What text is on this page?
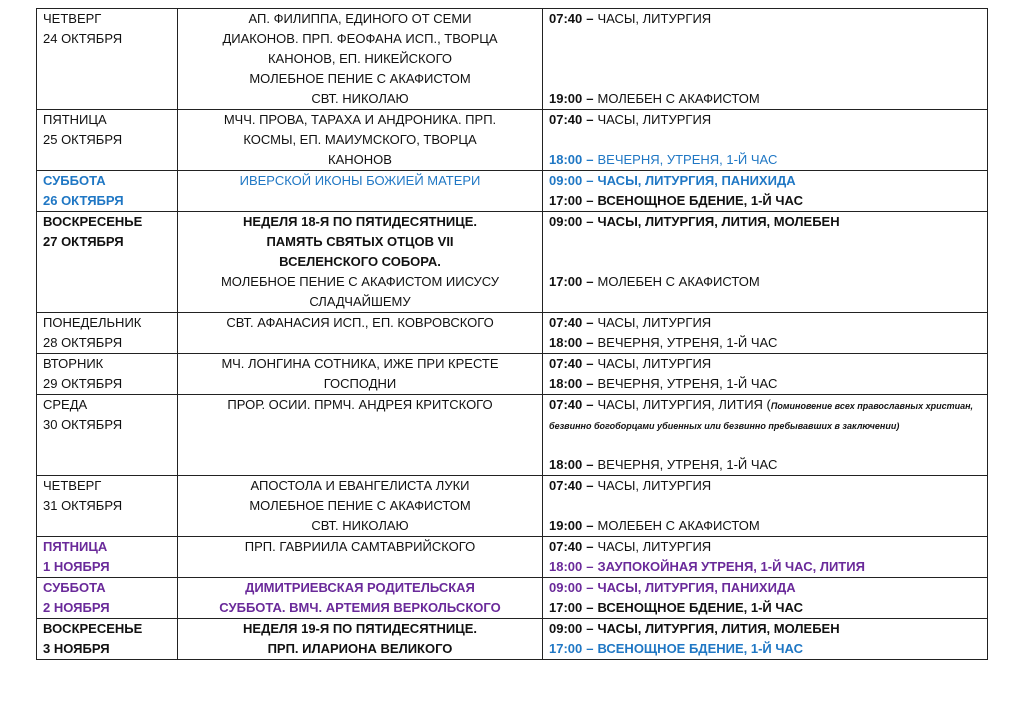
ЧЕТВЕРГ
24 ОКТЯБРЯ	АП. ФИЛИППА, ЕДИНОГО ОТ СЕМИ
ДИАКОНОВ. ПРП. ФЕОФАНА ИСП., ТВОРЦА
КАНОНОВ, ЕП. НИКЕЙСКОГО
МОЛЕБНОЕ ПЕНИЕ С АКАФИСТОМ
СВТ. НИКОЛАЮ	07:40 – ЧАСЫ, ЛИТУРГИЯ
19:00 – МОЛЕБЕН С АКАФИСТОМ

ПЯТНИЦА
25 ОКТЯБРЯ	МЧЧ. ПРОВА, ТАРАХА И АНДРОНИКА. ПРП.
КОСМЫ, ЕП. МАИУМСКОГО, ТВОРЦА
КАНОНОВ	07:40 – ЧАСЫ, ЛИТУРГИЯ
18:00 – ВЕЧЕРНЯ, УТРЕНЯ, 1-Й ЧАС

СУББОТА
26 ОКТЯБРЯ	ИВЕРСКОЙ ИКОНЫ БОЖИЕЙ МАТЕРИ	09:00 – ЧАСЫ, ЛИТУРГИЯ, ПАНИХИДА
17:00 – ВСЕНОЩНОЕ БДЕНИЕ, 1-Й ЧАС

ВОСКРЕСЕНЬЕ
27 ОКТЯБРЯ	НЕДЕЛЯ 18-Я ПО ПЯТИДЕСЯТНИЦЕ.
ПАМЯТЬ СВЯТЫХ ОТЦОВ VII
ВСЕЛЕНСКОГО СОБОРА.
МОЛЕБНОЕ ПЕНИЕ С АКАФИСТОМ ИИСУСУ
СЛАДЧАЙШЕМУ	09:00 – ЧАСЫ, ЛИТУРГИЯ, ЛИТИЯ, МОЛЕБЕН
17:00 – МОЛЕБЕН С АКАФИСТОМ

ПОНЕДЕЛЬНИК
28 ОКТЯБРЯ	СВТ. АФАНАСИЯ ИСП., ЕП. КОВРОВСКОГО	07:40 – ЧАСЫ, ЛИТУРГИЯ
18:00 – ВЕЧЕРНЯ, УТРЕНЯ, 1-Й ЧАС

ВТОРНИК
29 ОКТЯБРЯ	МЧ. ЛОНГИНА СОТНИКА, ИЖЕ ПРИ КРЕСТЕ
ГОСПОДНИ	07:40 – ЧАСЫ, ЛИТУРГИЯ
18:00 – ВЕЧЕРНЯ, УТРЕНЯ, 1-Й ЧАС

СРЕДА
30 ОКТЯБРЯ	ПРОР. ОСИИ. ПРМЧ. АНДРЕЯ КРИТСКОГО	07:40 – ЧАСЫ, ЛИТУРГИЯ, ЛИТИЯ (Поминовение всех православных христиан, безвинно богоборцами убиенных или безвинно пребывавших в заключении)
18:00 – ВЕЧЕРНЯ, УТРЕНЯ, 1-Й ЧАС

ЧЕТВЕРГ
31 ОКТЯБРЯ	АПОСТОЛА И ЕВАНГЕЛИСТА ЛУКИ
МОЛЕБНОЕ ПЕНИЕ С АКАФИСТОМ
СВТ. НИКОЛАЮ	07:40 – ЧАСЫ, ЛИТУРГИЯ
19:00 – МОЛЕБЕН С АКАФИСТОМ

ПЯТНИЦА
1 НОЯБРЯ	ПРП. ГАВРИИЛА САМТАВРИЙСКОГО	07:40 – ЧАСЫ, ЛИТУРГИЯ
18:00 – ЗАУПОКОЙНАЯ УТРЕНЯ, 1-Й ЧАС, ЛИТИЯ

СУББОТА
2 НОЯБРЯ	ДИМИТРИЕВСКАЯ РОДИТЕЛЬСКАЯ
СУББОТА. ВМЧ. АРТЕМИЯ ВЕРКОЛЬСКОГО	09:00 – ЧАСЫ, ЛИТУРГИЯ, ПАНИХИДА
17:00 – ВСЕНОЩНОЕ БДЕНИЕ, 1-Й ЧАС

ВОСКРЕСЕНЬЕ
3 НОЯБРЯ	НЕДЕЛЯ 19-Я ПО ПЯТИДЕСЯТНИЦЕ.
ПРП. ИЛАРИОНА ВЕЛИКОГО	09:00 – ЧАСЫ, ЛИТУРГИЯ, ЛИТИЯ, МОЛЕБЕН
17:00 – ВСЕНОЩНОЕ БДЕНИЕ, 1-Й ЧАС
